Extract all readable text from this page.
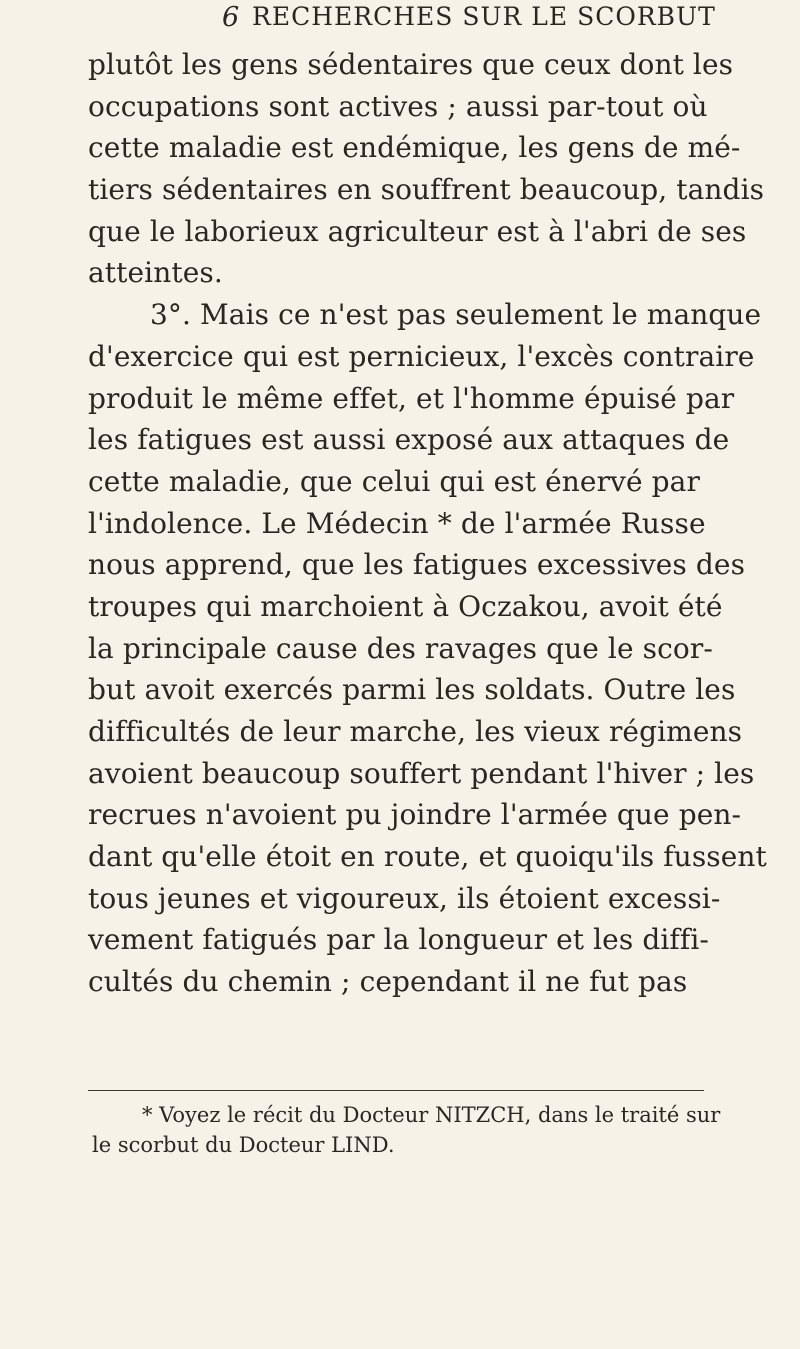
6 RECHERCHES SUR LE SCORBUT
plutôt les gens sédentaires que ceux dont les
occupations sont actives ; aussi par-tout où
cette maladie est endémique, les gens de mé-
tiers sédentaires en souffrent beaucoup, tandis
que le laborieux agriculteur est à l'abri de ses
atteintes.
3°. Mais ce n'est pas seulement le manque
d'exercice qui est pernicieux, l'excès contraire
produit le même effet, et l'homme épuisé par
les fatigues est aussi exposé aux attaques de
cette maladie, que celui qui est énervé par
l'indolence. Le Médecin * de l'armée Russe
nous apprend, que les fatigues excessives des
troupes qui marchoient à Oczakou, avoit été
la principale cause des ravages que le scor-
but avoit exercés parmi les soldats. Outre les
difficultés de leur marche, les vieux régimens
avoient beaucoup souffert pendant l'hiver ; les
recrues n'avoient pu joindre l'armée que pen-
dant qu'elle étoit en route, et quoiqu'ils fussent
tous jeunes et vigoureux, ils étoient excessi-
vement fatigués par la longueur et les diffi-
cultés du chemin ; cependant il ne fut pas
* Voyez le récit du Docteur NITZCH, dans le traité sur
le scorbut du Docteur LIND.
